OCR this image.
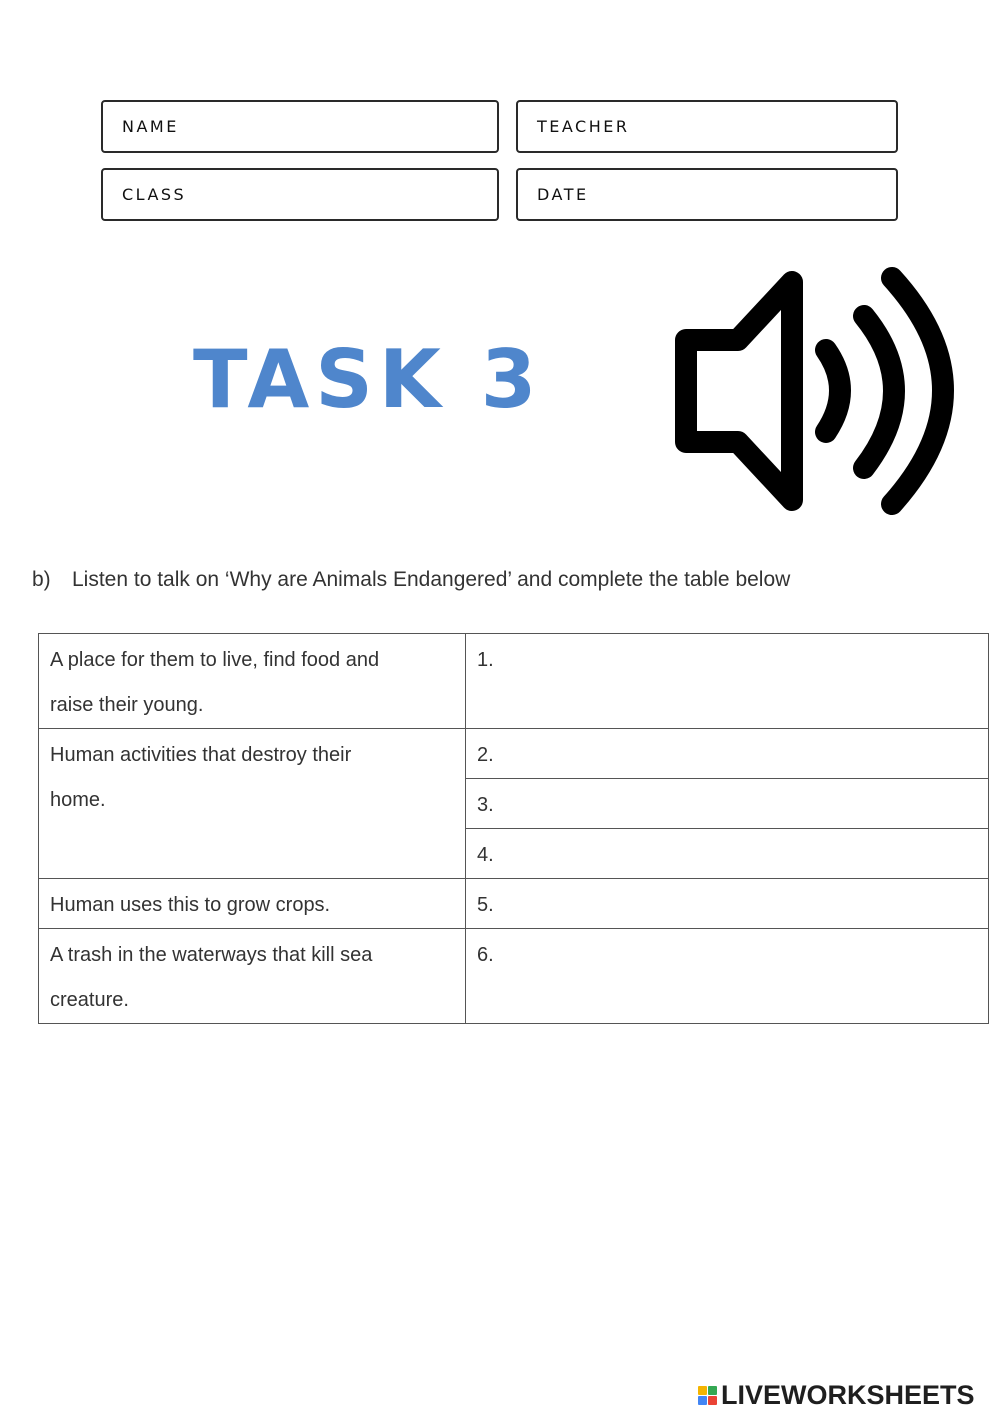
NAME	TEACHER
CLASS	DATE
TASK 3
b) Listen to talk on ‘Why are Animals Endangered’ and complete the table below
A place for them to live, find food and
raise their young.	1.
Human activities that destroy their
home.	2.
	3.
	4.
Human uses this to grow crops.	5.
A trash in the waterways that kill sea
creature.	6.
LIVEWORKSHEETS
